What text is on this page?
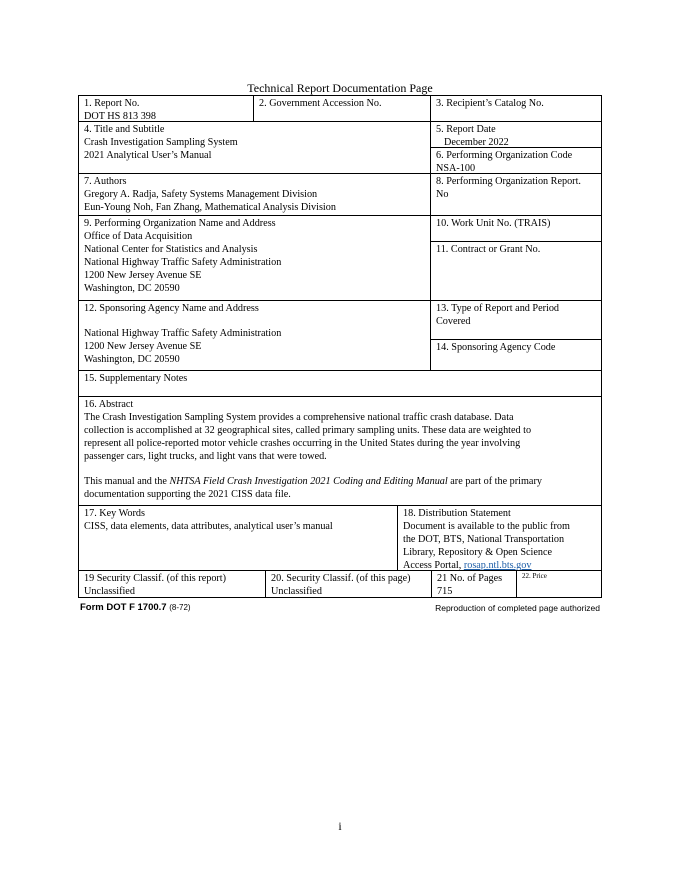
Technical Report Documentation Page
1. Report No.
DOT HS 813 398
2. Government Accession No.	3. Recipient’s Catalog No.
4. Title and Subtitle
Crash Investigation Sampling System
2021 Analytical User’s Manual
5. Report Date
December 2022
6. Performing Organization Code
NSA-100
7. Authors
Gregory A. Radja, Safety Systems Management Division
Eun-Young Noh, Fan Zhang, Mathematical Analysis Division
8. Performing Organization Report.
No
9. Performing Organization Name and Address
Office of Data Acquisition
National Center for Statistics and Analysis
National Highway Traffic Safety Administration
1200 New Jersey Avenue SE
Washington, DC 20590
10. Work Unit No. (TRAIS)
11. Contract or Grant No.
12. Sponsoring Agency Name and Address
National Highway Traffic Safety Administration
1200 New Jersey Avenue SE
Washington, DC 20590
13. Type of Report and Period
Covered
14. Sponsoring Agency Code
15. Supplementary Notes
16. Abstract
The Crash Investigation Sampling System provides a comprehensive national traffic crash database. Data
collection is accomplished at 32 geographical sites, called primary sampling units. These data are weighted to
represent all police-reported motor vehicle crashes occurring in the United States during the year involving
passenger cars, light trucks, and light vans that were towed.
This manual and the NHTSA Field Crash Investigation 2021 Coding and Editing Manual are part of the primary
documentation supporting the 2021 CISS data file.
17. Key Words
CISS, data elements, data attributes, analytical user’s manual
18. Distribution Statement
Document is available to the public from
the DOT, BTS, National Transportation
Library, Repository & Open Science
Access Portal, rosap.ntl.bts.gov
19 Security Classif. (of this report)
Unclassified
20. Security Classif. (of this page)
Unclassified
21 No. of Pages
715
22. Price
Form DOT F 1700.7 (8-72)	Reproduction of completed page authorized
i
